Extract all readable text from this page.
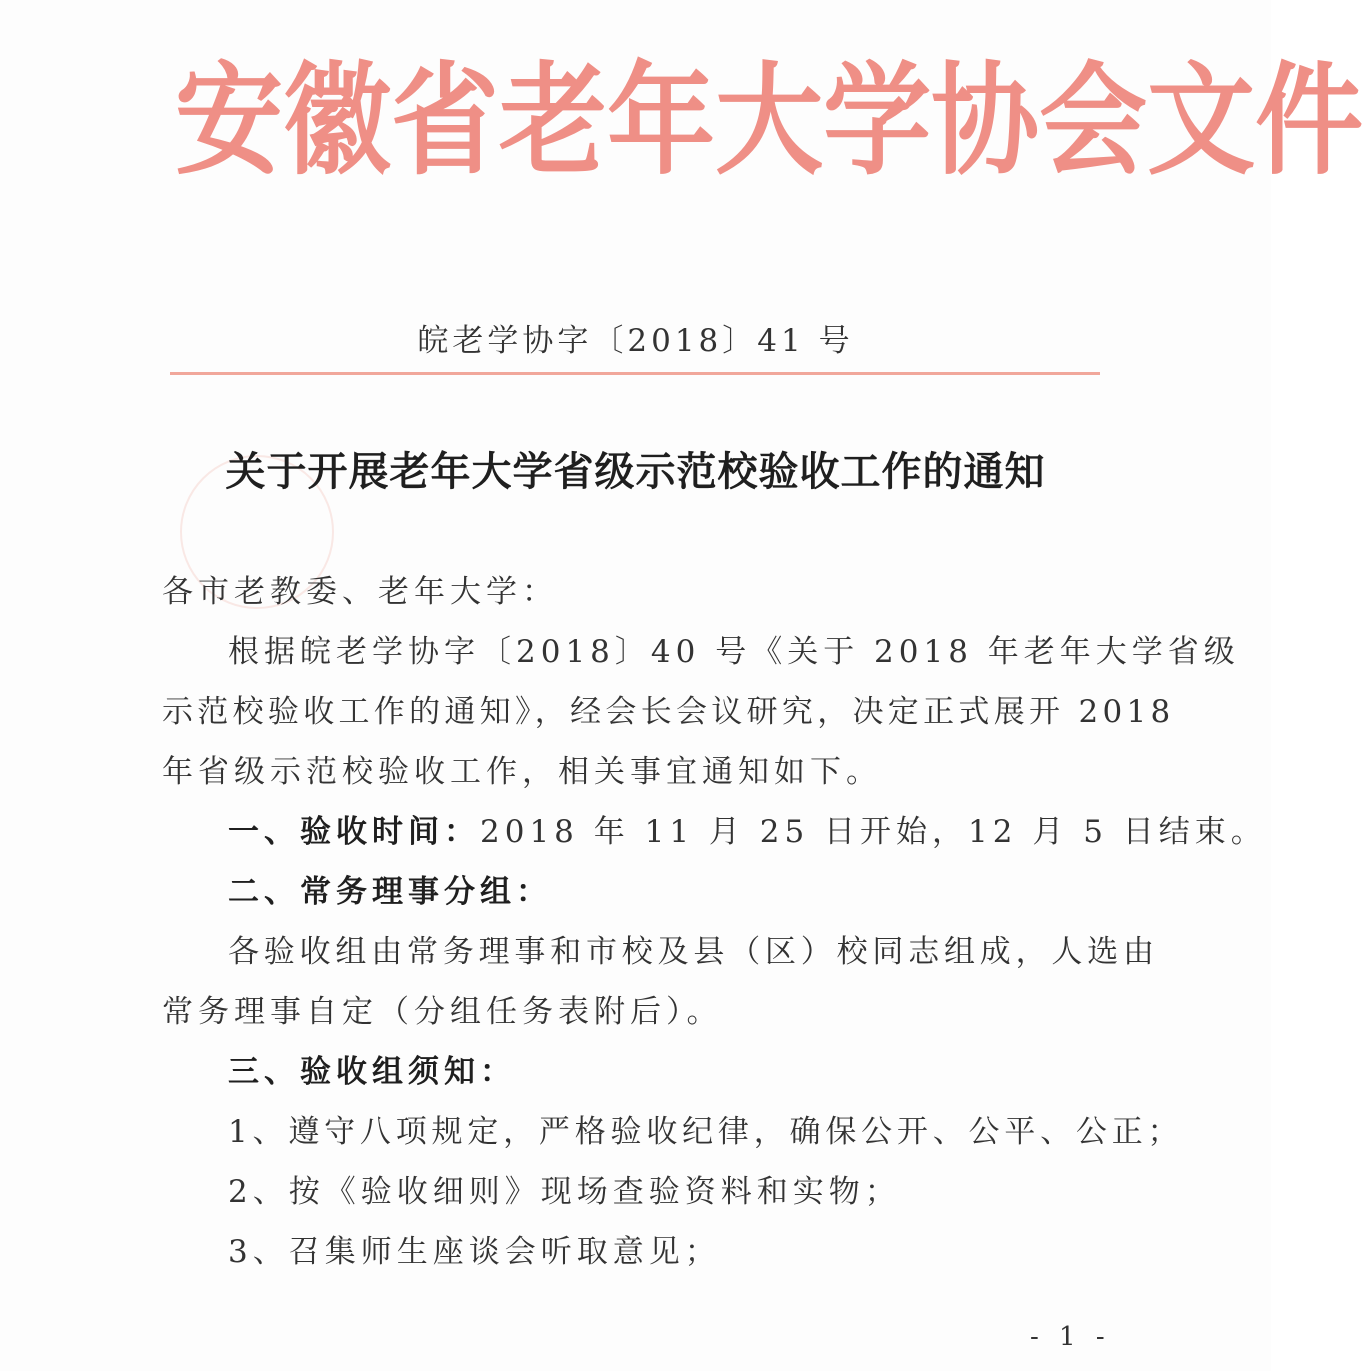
安 徽 省 老 年 大 学 协 会 文 件
皖老学协字〔2018〕41 号
关于开展老年大学省级示范校验收工作的通知
各市老教委、老年大学：
根据皖老学协字〔2018〕40 号《关于 2018 年老年大学省级
示范校验收工作的通知》，经会长会议研究，决定正式展开 2018
年省级示范校验收工作，相关事宜通知如下。
一、验收时间：2018 年 11 月 25 日开始，12 月 5 日结束。
二、常务理事分组：
各验收组由常务理事和市校及县（区）校同志组成，人选由
常务理事自定（分组任务表附后）。
三、验收组须知：
1、遵守八项规定，严格验收纪律，确保公开、公平、公正；
2、按《验收细则》现场查验资料和实物；
3、召集师生座谈会听取意见；
- 1 -
